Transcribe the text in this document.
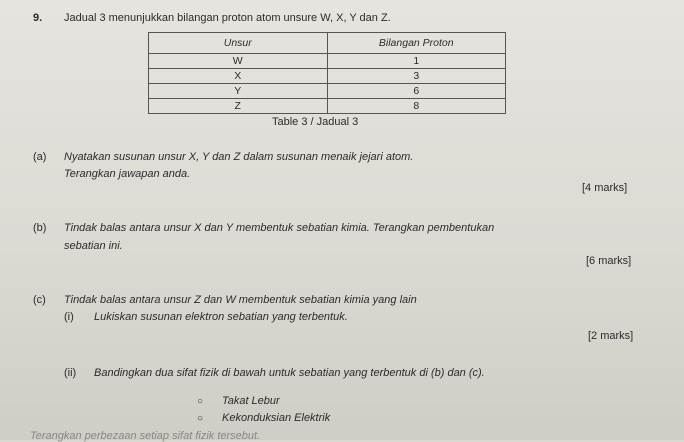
9. Jadual 3 menunjukkan bilangan proton atom unsure W, X, Y dan Z.
Unsur	Bilangan Proton
W	1
X	3
Y	6
Z	8
Table 3 / Jadual 3
(a) Nyatakan susunan unsur X, Y dan Z dalam susunan menaik jejari atom.
Terangkan jawapan anda.
[4 marks]
(b) Tindak balas antara unsur X dan Y membentuk sebatian kimia. Terangkan pembentukan
sebatian ini.
[6 marks]
(c) Tindak balas antara unsur Z dan W membentuk sebatian kimia yang lain
(i) Lukiskan susunan elektron sebatian yang terbentuk.
[2 marks]
(ii) Bandingkan dua sifat fizik di bawah untuk sebatian yang terbentuk di (b) dan (c).
○ Takat Lebur
○ Kekonduksian Elektrik
Terangkan perbezaan setiap sifat fizik tersebut.
